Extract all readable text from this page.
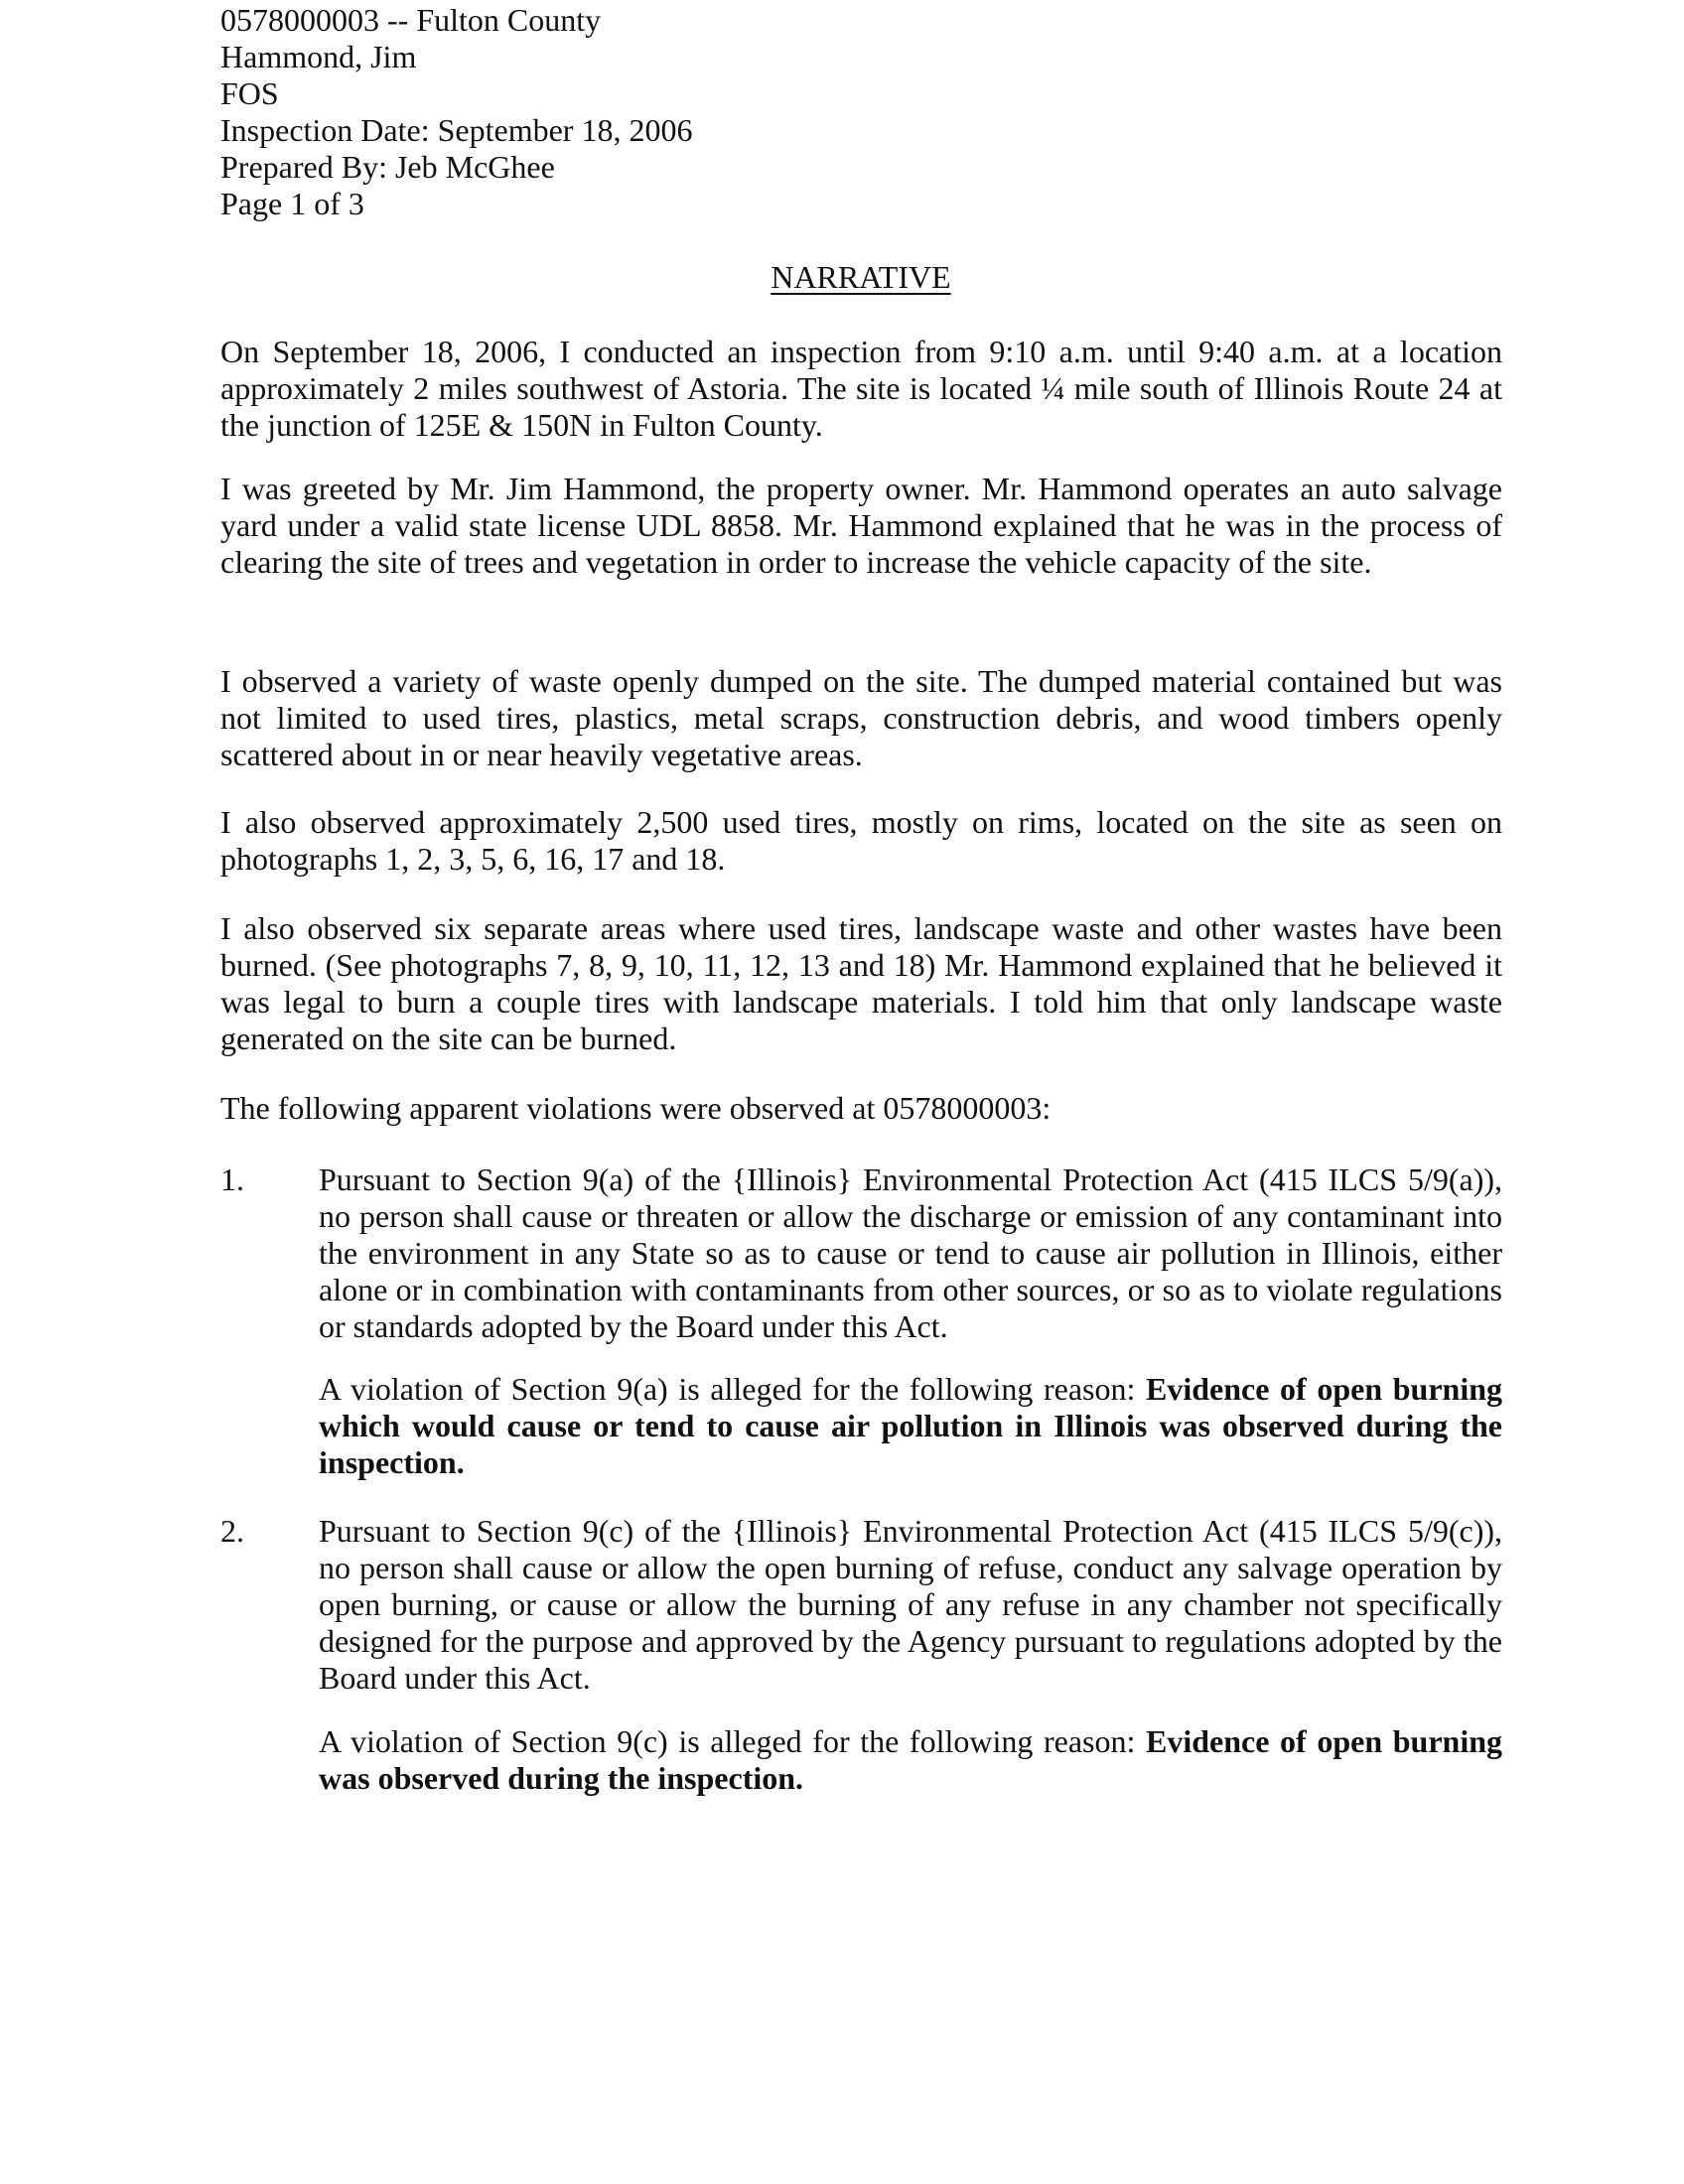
0578000003 -- Fulton County
Hammond, Jim
FOS
Inspection Date: September 18, 2006
Prepared By: Jeb McGhee
Page 1 of 3
NARRATIVE

On September 18, 2006, I conducted an inspection from 9:10 a.m. until 9:40 a.m. at a location approximately 2 miles southwest of Astoria. The site is located ¼ mile south of Illinois Route 24 at the junction of 125E & 150N in Fulton County.

I was greeted by Mr. Jim Hammond, the property owner. Mr. Hammond operates an auto salvage yard under a valid state license UDL 8858. Mr. Hammond explained that he was in the process of clearing the site of trees and vegetation in order to increase the vehicle capacity of the site.

I observed a variety of waste openly dumped on the site. The dumped material contained but was not limited to used tires, plastics, metal scraps, construction debris, and wood timbers openly scattered about in or near heavily vegetative areas.

I also observed approximately 2,500 used tires, mostly on rims, located on the site as seen on photographs 1, 2, 3, 5, 6, 16, 17 and 18.

I also observed six separate areas where used tires, landscape waste and other wastes have been burned. (See photographs 7, 8, 9, 10, 11, 12, 13 and 18) Mr. Hammond explained that he believed it was legal to burn a couple tires with landscape materials. I told him that only landscape waste generated on the site can be burned.

The following apparent violations were observed at 0578000003:

1. Pursuant to Section 9(a) of the {Illinois} Environmental Protection Act (415 ILCS 5/9(a)), no person shall cause or threaten or allow the discharge or emission of any contaminant into the environment in any State so as to cause or tend to cause air pollution in Illinois, either alone or in combination with contaminants from other sources, or so as to violate regulations or standards adopted by the Board under this Act.

A violation of Section 9(a) is alleged for the following reason: Evidence of open burning which would cause or tend to cause air pollution in Illinois was observed during the inspection.

2. Pursuant to Section 9(c) of the {Illinois} Environmental Protection Act (415 ILCS 5/9(c)), no person shall cause or allow the open burning of refuse, conduct any salvage operation by open burning, or cause or allow the burning of any refuse in any chamber not specifically designed for the purpose and approved by the Agency pursuant to regulations adopted by the Board under this Act.

A violation of Section 9(c) is alleged for the following reason: Evidence of open burning was observed during the inspection.
